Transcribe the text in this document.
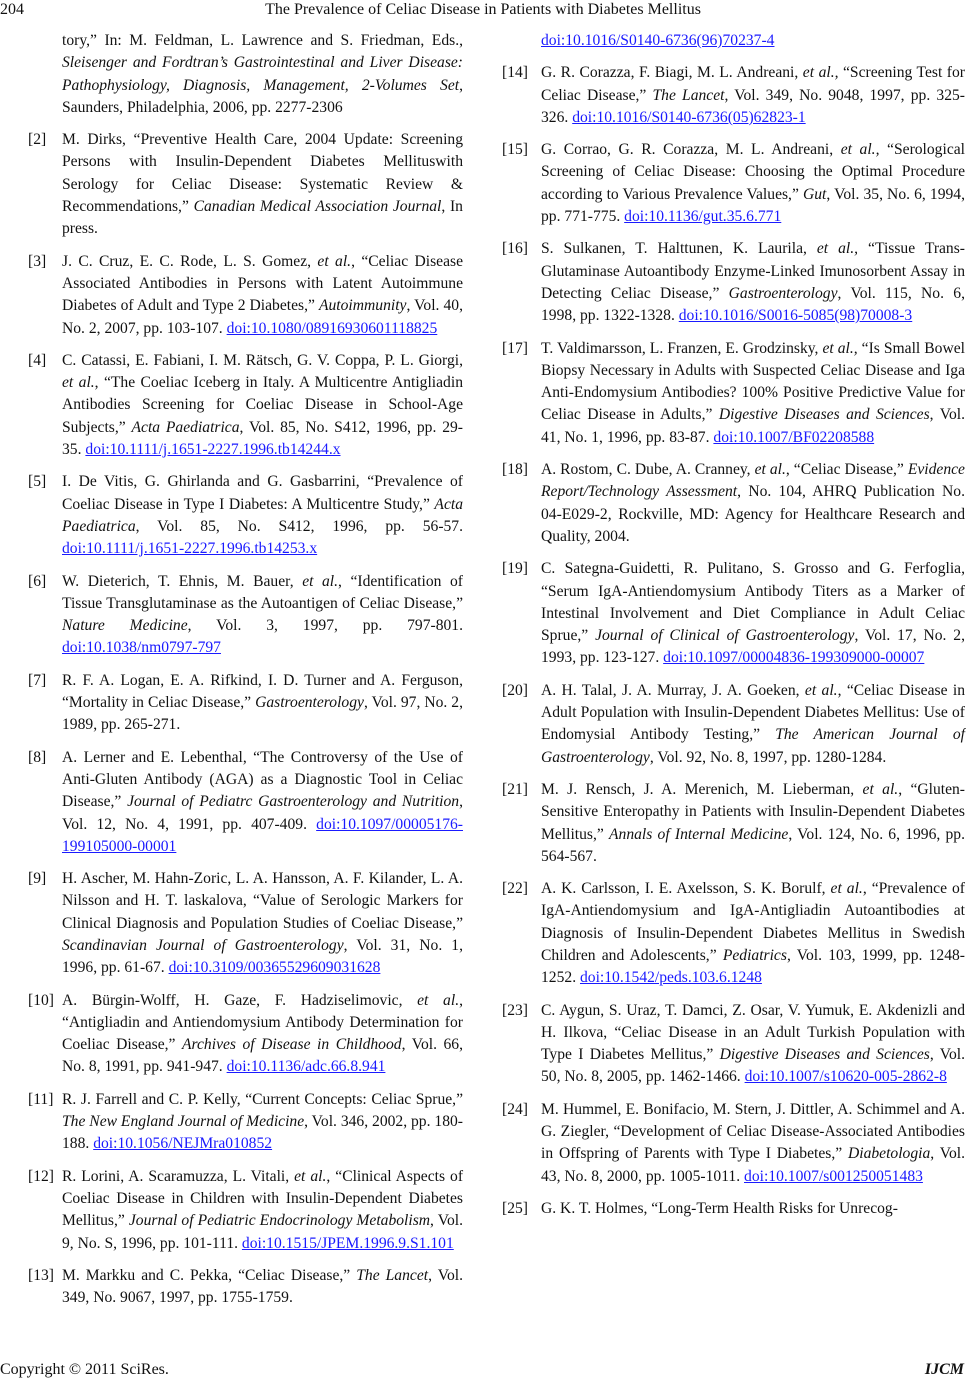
204	The Prevalence of Celiac Disease in Patients with Diabetes Mellitus
tory,” In: M. Feldman, L. Lawrence and S. Friedman, Eds., Sleisenger and Fordtran’s Gastrointestinal and Liver Disease: Pathophysiology, Diagnosis, Management, 2-Volumes Set, Saunders, Philadelphia, 2006, pp. 2277-2306
[2] M. Dirks, “Preventive Health Care, 2004 Update: Screening Persons with Insulin-Dependent Diabetes Mellituswith Serology for Celiac Disease: Systematic Review & Recommendations,” Canadian Medical Association Journal, In press.
[3] J. C. Cruz, E. C. Rode, L. S. Gomez, et al., “Celiac Disease Associated Antibodies in Persons with Latent Autoimmune Diabetes of Adult and Type 2 Diabetes,” Autoimmunity, Vol. 40, No. 2, 2007, pp. 103-107. doi:10.1080/08916930601118825
[4] C. Catassi, E. Fabiani, I. M. Rätsch, G. V. Coppa, P. L. Giorgi, et al., “The Coeliac Iceberg in Italy. A Multicentre Antigliadin Antibodies Screening for Coeliac Disease in School-Age Subjects,” Acta Paediatrica, Vol. 85, No. S412, 1996, pp. 29-35. doi:10.1111/j.1651-2227.1996.tb14244.x
[5] I. De Vitis, G. Ghirlanda and G. Gasbarrini, “Prevalence of Coeliac Disease in Type I Diabetes: A Multicentre Study,” Acta Paediatrica, Vol. 85, No. S412, 1996, pp. 56-57. doi:10.1111/j.1651-2227.1996.tb14253.x
[6] W. Dieterich, T. Ehnis, M. Bauer, et al., “Identification of Tissue Transglutaminase as the Autoantigen of Celiac Disease,” Nature Medicine, Vol. 3, 1997, pp. 797-801. doi:10.1038/nm0797-797
[7] R. F. A. Logan, E. A. Rifkind, I. D. Turner and A. Ferguson, “Mortality in Celiac Disease,” Gastroenterology, Vol. 97, No. 2, 1989, pp. 265-271.
[8] A. Lerner and E. Lebenthal, “The Controversy of the Use of Anti-Gluten Antibody (AGA) as a Diagnostic Tool in Celiac Disease,” Journal of Pediatrc Gastroenterology and Nutrition, Vol. 12, No. 4, 1991, pp. 407-409. doi:10.1097/00005176-199105000-00001
[9] H. Ascher, M. Hahn-Zoric, L. A. Hansson, A. F. Kilander, L. A. Nilsson and H. T. laskalova, “Value of Serologic Markers for Clinical Diagnosis and Population Studies of Coeliac Disease,” Scandinavian Journal of Gastroenterology, Vol. 31, No. 1, 1996, pp. 61-67. doi:10.3109/00365529609031628
[10] A. Bürgin-Wolff, H. Gaze, F. Hadziselimovic, et al., “Antigliadin and Antiendomysium Antibody Determination for Coeliac Disease,” Archives of Disease in Childhood, Vol. 66, No. 8, 1991, pp. 941-947. doi:10.1136/adc.66.8.941
[11] R. J. Farrell and C. P. Kelly, “Current Concepts: Celiac Sprue,” The New England Journal of Medicine, Vol. 346, 2002, pp. 180-188. doi:10.1056/NEJMra010852
[12] R. Lorini, A. Scaramuzza, L. Vitali, et al., “Clinical Aspects of Coeliac Disease in Children with Insulin-Dependent Diabetes Mellitus,” Journal of Pediatric Endocrinology Metabolism, Vol. 9, No. S, 1996, pp. 101-111. doi:10.1515/JPEM.1996.9.S1.101
[13] M. Markku and C. Pekka, “Celiac Disease,” The Lancet, Vol. 349, No. 9067, 1997, pp. 1755-1759.
doi:10.1016/S0140-6736(96)70237-4
[14] G. R. Corazza, F. Biagi, M. L. Andreani, et al., “Screening Test for Celiac Disease,” The Lancet, Vol. 349, No. 9048, 1997, pp. 325-326. doi:10.1016/S0140-6736(05)62823-1
[15] G. Corrao, G. R. Corazza, M. L. Andreani, et al., “Serological Screening of Celiac Disease: Choosing the Optimal Procedure according to Various Prevalence Values,” Gut, Vol. 35, No. 6, 1994, pp. 771-775. doi:10.1136/gut.35.6.771
[16] S. Sulkanen, T. Halttunen, K. Laurila, et al., “Tissue Trans-Glutaminase Autoantibody Enzyme-Linked Imunosorbent Assay in Detecting Celiac Disease,” Gastroenterology, Vol. 115, No. 6, 1998, pp. 1322-1328. doi:10.1016/S0016-5085(98)70008-3
[17] T. Valdimarsson, L. Franzen, E. Grodzinsky, et al., “Is Small Bowel Biopsy Necessary in Adults with Suspected Celiac Disease and Iga Anti-Endomysium Antibodies? 100% Positive Predictive Value for Celiac Disease in Adults,” Digestive Diseases and Sciences, Vol. 41, No. 1, 1996, pp. 83-87. doi:10.1007/BF02208588
[18] A. Rostom, C. Dube, A. Cranney, et al., “Celiac Disease,” Evidence Report/Technology Assessment, No. 104, AHRQ Publication No. 04-E029-2, Rockville, MD: Agency for Healthcare Research and Quality, 2004.
[19] C. Sategna-Guidetti, R. Pulitano, S. Grosso and G. Ferfoglia, “Serum IgA-Antiendomysium Antibody Titers as a Marker of Intestinal Involvement and Diet Compliance in Adult Celiac Sprue,” Journal of Clinical of Gastroenterology, Vol. 17, No. 2, 1993, pp. 123-127. doi:10.1097/00004836-199309000-00007
[20] A. H. Talal, J. A. Murray, J. A. Goeken, et al., “Celiac Disease in Adult Population with Insulin-Dependent Diabetes Mellitus: Use of Endomysial Antibody Testing,” The American Journal of Gastroenterology, Vol. 92, No. 8, 1997, pp. 1280-1284.
[21] M. J. Rensch, J. A. Merenich, M. Lieberman, et al., “Gluten-Sensitive Enteropathy in Patients with Insulin-Dependent Diabetes Mellitus,” Annals of Internal Medicine, Vol. 124, No. 6, 1996, pp. 564-567.
[22] A. K. Carlsson, I. E. Axelsson, S. K. Borulf, et al., “Prevalence of IgA-Antiendomysium and IgA-Antigliadin Autoantibodies at Diagnosis of Insulin-Dependent Diabetes Mellitus in Swedish Children and Adolescents,” Pediatrics, Vol. 103, 1999, pp. 1248-1252. doi:10.1542/peds.103.6.1248
[23] C. Aygun, S. Uraz, T. Damci, Z. Osar, V. Yumuk, E. Akdenizli and H. Ilkova, “Celiac Disease in an Adult Turkish Population with Type I Diabetes Mellitus,” Digestive Diseases and Sciences, Vol. 50, No. 8, 2005, pp. 1462-1466. doi:10.1007/s10620-005-2862-8
[24] M. Hummel, E. Bonifacio, M. Stern, J. Dittler, A. Schimmel and A. G. Ziegler, “Development of Celiac Disease-Associated Antibodies in Offspring of Parents with Type I Diabetes,” Diabetologia, Vol. 43, No. 8, 2000, pp. 1005-1011. doi:10.1007/s001250051483
[25] G. K. T. Holmes, “Long-Term Health Risks for Unrecog-
Copyright © 2011 SciRes.	IJCM
